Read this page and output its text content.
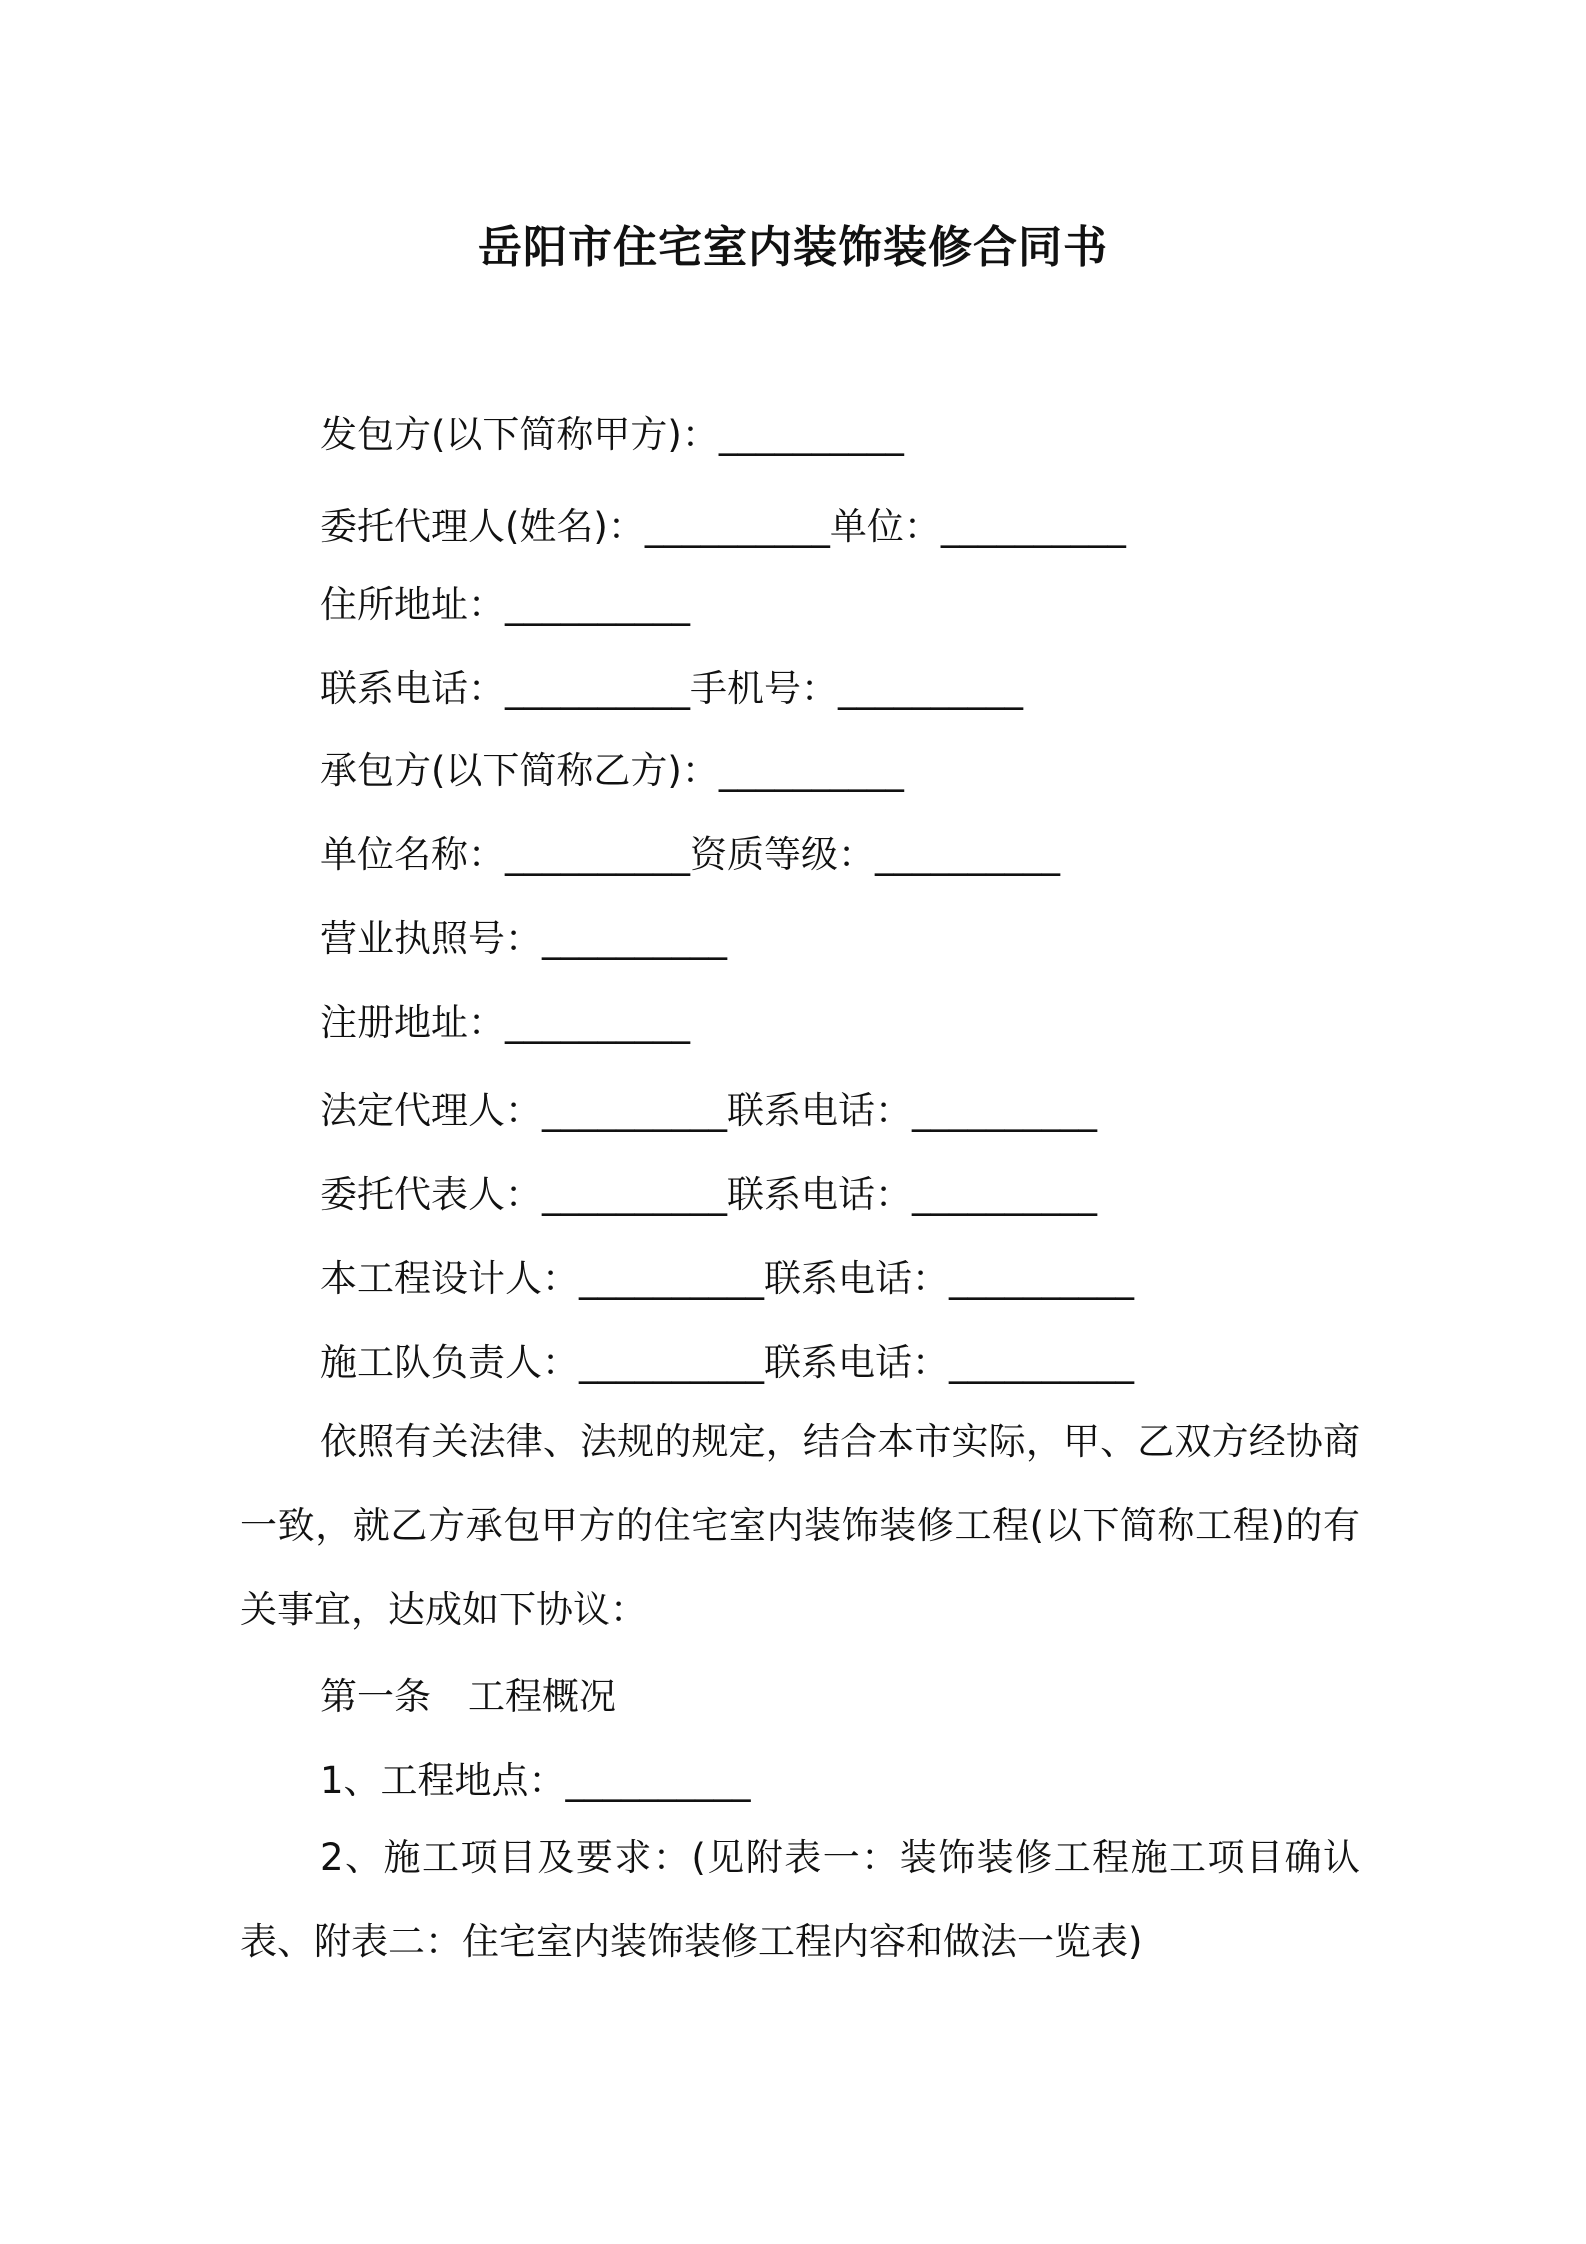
岳阳市住宅室内装饰装修合同书
发包方(以下简称甲方)：__________
委托代理人(姓名)：__________单位：__________
住所地址：__________
联系电话：__________手机号：__________
承包方(以下简称乙方)：__________
单位名称：__________资质等级：__________
营业执照号：__________
注册地址：__________
法定代理人：__________联系电话：__________
委托代表人：__________联系电话：__________
本工程设计人：__________联系电话：__________
施工队负责人：__________联系电话：__________

依照有关法律、法规的规定，结合本市实际，甲、乙双方经协商一致，就乙方承包甲方的住宅室内装饰装修工程(以下简称工程)的有关事宜，达成如下协议：

第一条　工程概况
1、工程地点：__________

2、施工项目及要求：(见附表一：装饰装修工程施工项目确认表、附表二：住宅室内装饰装修工程内容和做法一览表)
